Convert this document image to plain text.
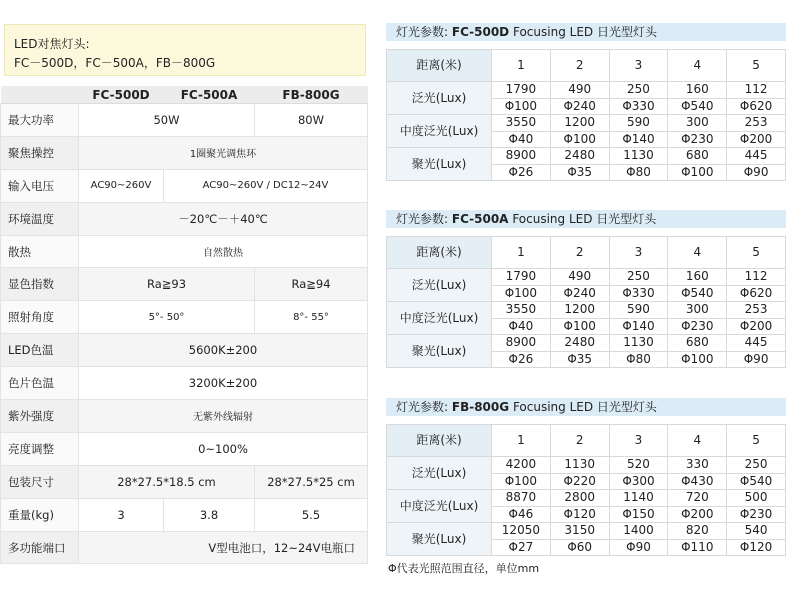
LED对焦灯头:
FC－500D，FC－500A，FB－800G
	FC-500D	FC-500A	FB-800G
最大功率	50W		80W
聚焦操控	1圈聚光调焦环		
输入电压	AC90~260V	AC90~260V / DC12~24V	
环境温度	－20℃－＋40℃		
散热	自然散热		
显色指数	Ra≧93		Ra≧94
照射角度	5°- 50°		8°- 55°
LED色温	5600K±200		
色片色温	3200K±200		
紫外强度	无紫外线辐射		
亮度调整	0~100%		
包装尺寸	28*27.5*18.5 cm		28*27.5*25 cm
重量(kg)	3	3.8	5.5
多功能端口	V型电池口，12~24V电瓶口		
灯光参数: FC-500D Focusing LED 日光型灯头
距离(米)	1	2	3	4	5
泛光(Lux)	1790	490	250	160	112
	Φ100	Φ240	Φ330	Φ540	Φ620
中度泛光(Lux)	3550	1200	590	300	253
	Φ40	Φ100	Φ140	Φ230	Φ200
聚光(Lux)	8900	2480	1130	680	445
	Φ26	Φ35	Φ80	Φ100	Φ90
灯光参数: FC-500A Focusing LED 日光型灯头
距离(米)	1	2	3	4	5
泛光(Lux)	1790	490	250	160	112
	Φ100	Φ240	Φ330	Φ540	Φ620
中度泛光(Lux)	3550	1200	590	300	253
	Φ40	Φ100	Φ140	Φ230	Φ200
聚光(Lux)	8900	2480	1130	680	445
	Φ26	Φ35	Φ80	Φ100	Φ90
灯光参数: FB-800G Focusing LED 日光型灯头
距离(米)	1	2	3	4	5
泛光(Lux)	4200	1130	520	330	250
	Φ100	Φ220	Φ300	Φ430	Φ540
中度泛光(Lux)	8870	2800	1140	720	500
	Φ46	Φ120	Φ150	Φ200	Φ230
聚光(Lux)	12050	3150	1400	820	540
	Φ27	Φ60	Φ90	Φ110	Φ120
Φ代表光照范围直径，单位mm
